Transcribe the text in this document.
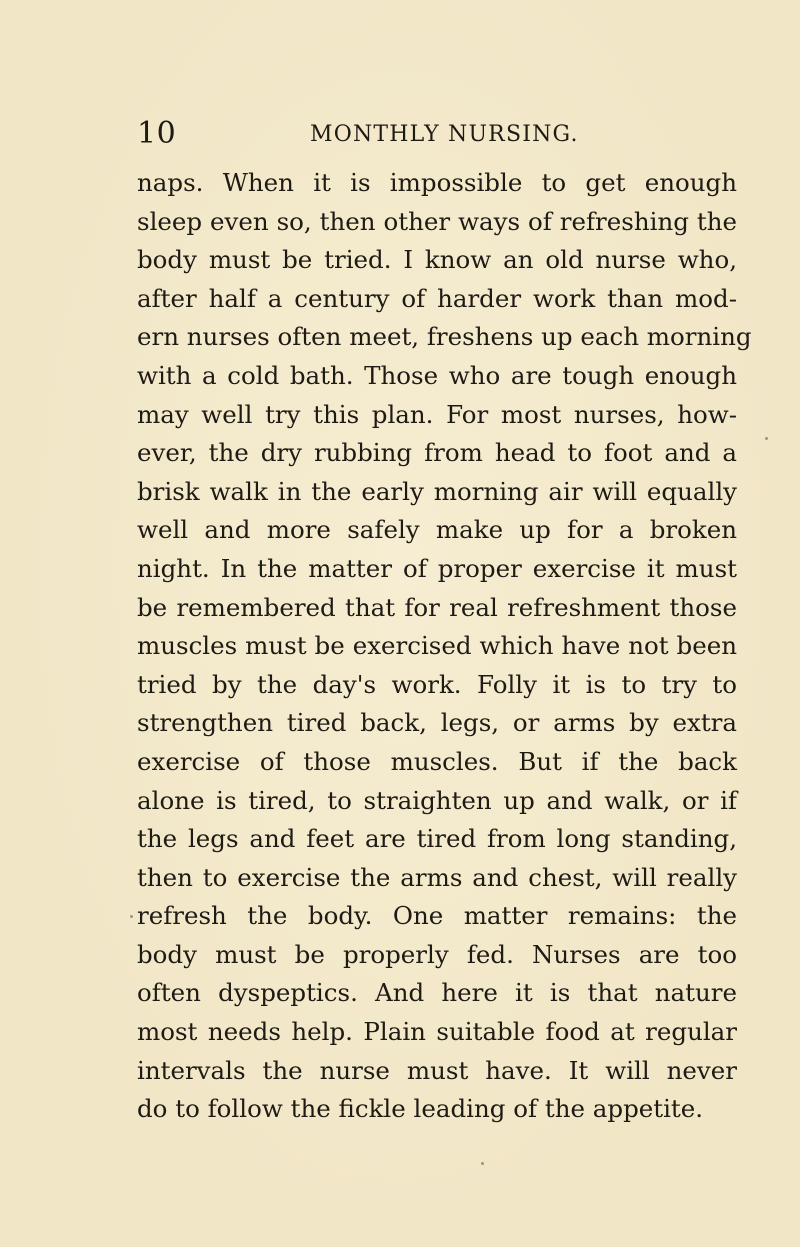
10	MONTHLY NURSING.
naps. When it is impossible to get enough
sleep even so, then other ways of refreshing the
body must be tried. I know an old nurse who,
after half a century of harder work than mod-
ern nurses often meet, freshens up each morning
with a cold bath. Those who are tough enough
may well try this plan. For most nurses, how-
ever, the dry rubbing from head to foot and a
brisk walk in the early morning air will equally
well and more safely make up for a broken
night. In the matter of proper exercise it must
be remembered that for real refreshment those
muscles must be exercised which have not been
tried by the day's work. Folly it is to try to
strengthen tired back, legs, or arms by extra
exercise of those muscles. But if the back
alone is tired, to straighten up and walk, or if
the legs and feet are tired from long standing,
then to exercise the arms and chest, will really
refresh the body. One matter remains: the
body must be properly fed. Nurses are too
often dyspeptics. And here it is that nature
most needs help. Plain suitable food at regular
intervals the nurse must have. It will never
do to follow the fickle leading of the appetite.
